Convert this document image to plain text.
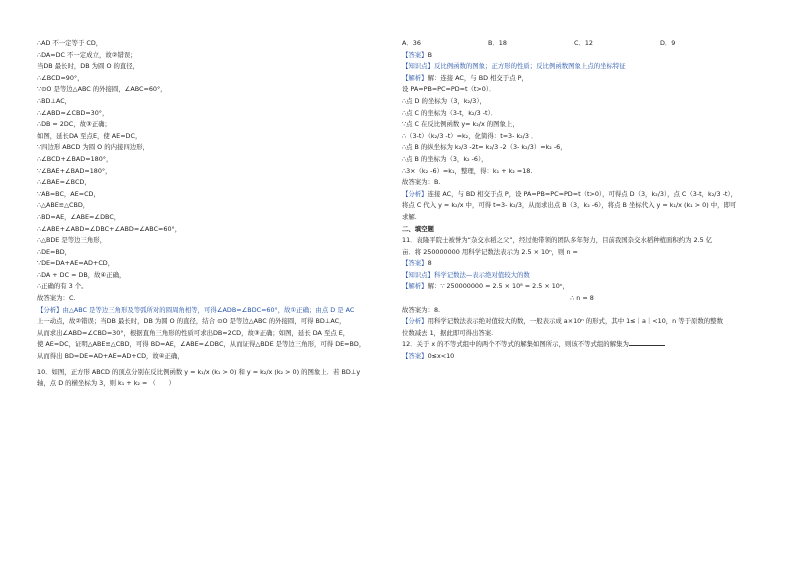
∴AD 不一定等于 CD，
∴DA=DC 不一定成立，故②错误；
当DB 最长时，DB 为圆 O 的直径，
∴∠BCD=90°，
∵⊙O 是等边△ABC 的外接圆，∠ABC=60°，
∴BD⊥AC，
∴∠ABD=∠CBD=30°，
∴DB = 2DC，故③正确；
如图，延长DA 至点E，使 AE=DC，
∵四边形 ABCD 为圆 O 的内接四边形，
∴∠BCD+∠BAD=180°，
∵∠BAE+∠BAD=180°，
∴∠BAE=∠BCD，
∵AB=BC，AE=CD，
∴△ABE≌△CBD，
∴BD=AE，∠ABE=∠DBC，
∴∠ABE+∠ABD=∠DBC+∠ABD=∠ABC=60°，
∴△BDE 是等边三角形，
∴DE=BD，
∵DE=DA+AE=AD+CD，
∴DA + DC = DB，故④正确，
∴正确的有 3 个。
故答案为：C.
【分析】由△ABC 是等边三角形及等弧所对的圆周角相等，可得∠ADB=∠BDC=60°，故①正确；由点 D 是 AC
上一动点，故②错误；当DB 最长时，DB 为圆 O 的直径，结合 ⊙O 是等边△ABC 的外接圆，可得 BD⊥AC，
从而求出∠ABD=∠CBD=30°，根据直角三角形的性质可求出DB=2CD，故③正确；如图，延长 DA 至点 E，
使 AE=DC，证明△ABE≌△CBD，可得 BD=AE，∠ABE=∠DBC，从而证得△BDE 是等边三角形，可得 DE=BD，
从而得出 BD=DE=AD+AE=AD+CD，故④正确，
10．如图，正方形 ABCD 的顶点分别在反比例函数 y = k₁/x (k₁ > 0) 和 y = k₂/x (k₂ > 0) 的图象上．若 BD⊥y
轴，点 D 的横坐标为 3，则 k₁ + k₂ = （　　）
A．36	B．18	C．12	D．9
【答案】B
【知识点】反比例函数的图象；正方形的性质；反比例函数图象上点的坐标特征
【解析】解：连接 AC，与 BD 相交于点 P，
设 PA=PB=PC=PD=t（t>0）．
∴点 D 的坐标为（3，k₂/3），
∴点 C 的坐标为（3-t，k₂/3 -t）．
∵点 C 在反比例函数 y= k₂/x 的图象上，
∴（3-t）（k₂/3 -t）=k₂，化简得：t=3- k₂/3 ．
∴点 B 的纵坐标为 k₂/3 -2t= k₂/3 -2（3- k₂/3）=k₂ -6，
∴点 B 的坐标为（3，k₂ -6），
∴3×（k₂ -6）=k₁，整理，得：k₁ + k₂ =18.
故答案为：B.
【分析】连接 AC，与 BD 相交于点 P，设 PA=PB=PC=PD=t（t>0），可得点 D（3，k₂/3），点 C（3-t，k₂/3 -t），
将点 C 代入 y = k₂/x 中，可得 t=3- k₂/3，从而求出点 B（3，k₂ -6），将点 B 坐标代入 y = k₁/x (k₁ > 0) 中，即可
求解.
二、填空题
11．袁隆平院士被誉为“杂交水稻之父”，经过他带领的团队多年努力，目前我国杂交水稻种植面积约为 2.5 亿
亩．将 250000000 用科学记数法表示为 2.5 × 10ⁿ，则 n =
【答案】8
【知识点】科学记数法—表示绝对值较大的数
【解析】解：∵ 250000000 = 2.5 × 10⁸ = 2.5 × 10ⁿ，
∴ n = 8
故答案为：8.
【分析】用科学记数法表示绝对值较大的数，一般表示成 a×10ⁿ 的形式，其中 1≤｜a｜<10，n 等于原数的整数
位数减去 1，据此即可得出答案.
12．关于 x 的不等式组中的两个不等式的解集如图所示，则该不等式组的解集为
【答案】0≤x<10
